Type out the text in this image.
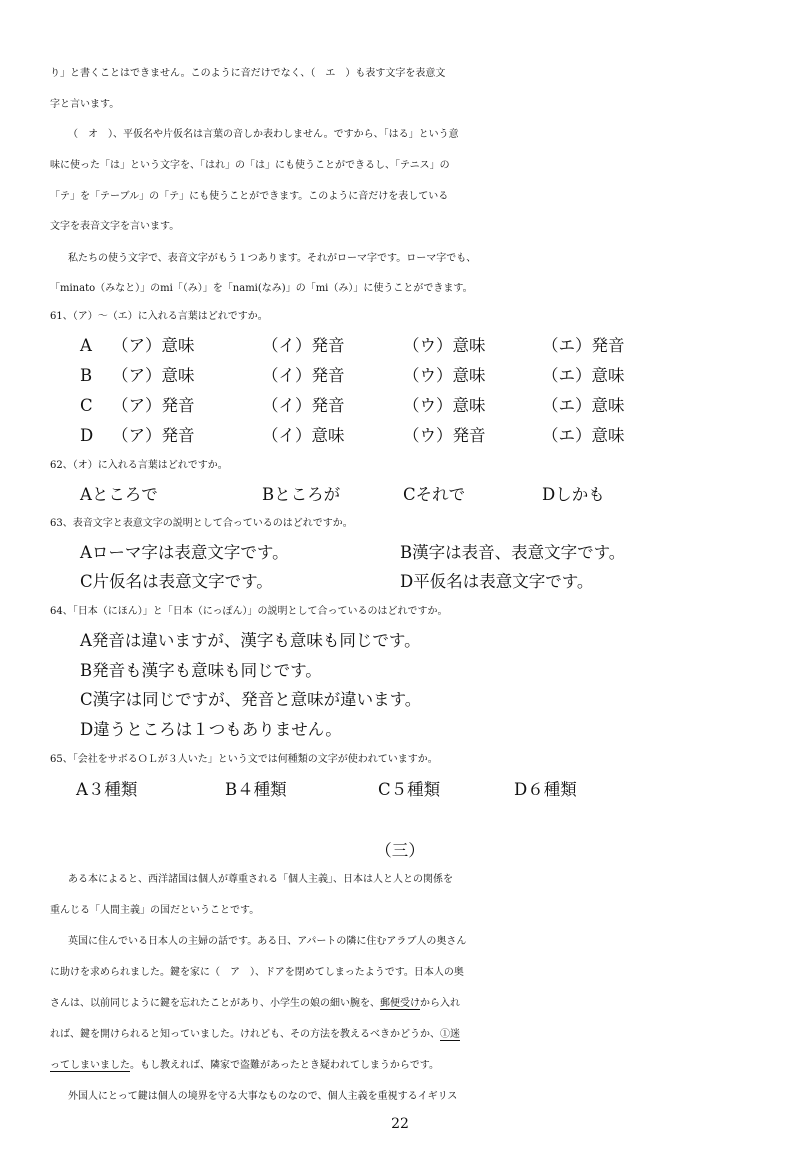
り」と書くことはできません。このように音だけでなく、（　エ　）も表す文字を表意文
字と言います。
（　オ　）、平仮名や片仮名は言葉の音しか表わしません。ですから、「はる」という意
味に使った「は」という文字を、「はれ」の「は」にも使うことができるし、「テニス」の
「テ」を「テーブル」の「テ」にも使うことができます。このように音だけを表している
文字を表音文字を言います。
私たちの使う文字で、表音文字がもう１つあります。それがローマ字です。ローマ字でも、
「minato（みなと）」のmi「（み）」を「nami(なみ)」の「mi（み）」に使うことができます。
61、（ア）～（エ）に入れる言葉はどれですか。
A （ア）意味	（イ）発音	（ウ）意味	（エ）発音
B （ア）意味	（イ）発音	（ウ）意味	（エ）意味
C （ア）発音	（イ）発音	（ウ）意味	（エ）意味
D （ア）発音	（イ）意味	（ウ）発音	（エ）意味
62、（オ）に入れる言葉はどれですか。
Aところで	Bところが	Cそれで	Dしかも
63、表音文字と表意文字の説明として合っているのはどれですか。
Aローマ字は表意文字です。	B漢字は表音、表意文字です。
C片仮名は表意文字です。	D平仮名は表意文字です。
64、「日本（にほん）」と「日本（にっぽん）」の説明として合っているのはどれですか。
A発音は違いますが、漢字も意味も同じです。
B発音も漢字も意味も同じです。
C漢字は同じですが、発音と意味が違います。
D違うところは１つもありません。
65、「会社をサボるＯＬが３人いた」という文では何種類の文字が使われていますか。
A３種類	B４種類	C５種類	D６種類
（三）
ある本によると、西洋諸国は個人が尊重される「個人主義」、日本は人と人との関係を
重んじる「人間主義」の国だということです。
英国に住んでいる日本人の主婦の話です。ある日、アパートの隣に住むアラブ人の奥さん
に助けを求められました。鍵を家に（　ア　）、ドアを閉めてしまったようです。日本人の奥
さんは、以前同じように鍵を忘れたことがあり、小学生の娘の細い腕を、郵便受けから入れ
れば、鍵を開けられると知っていました。けれども、その方法を教えるべきかどうか、①迷
ってしまいました。もし教えれば、隣家で盗難があったとき疑われてしまうからです。
外国人にとって鍵は個人の境界を守る大事なものなので、個人主義を重視するイギリス
22
